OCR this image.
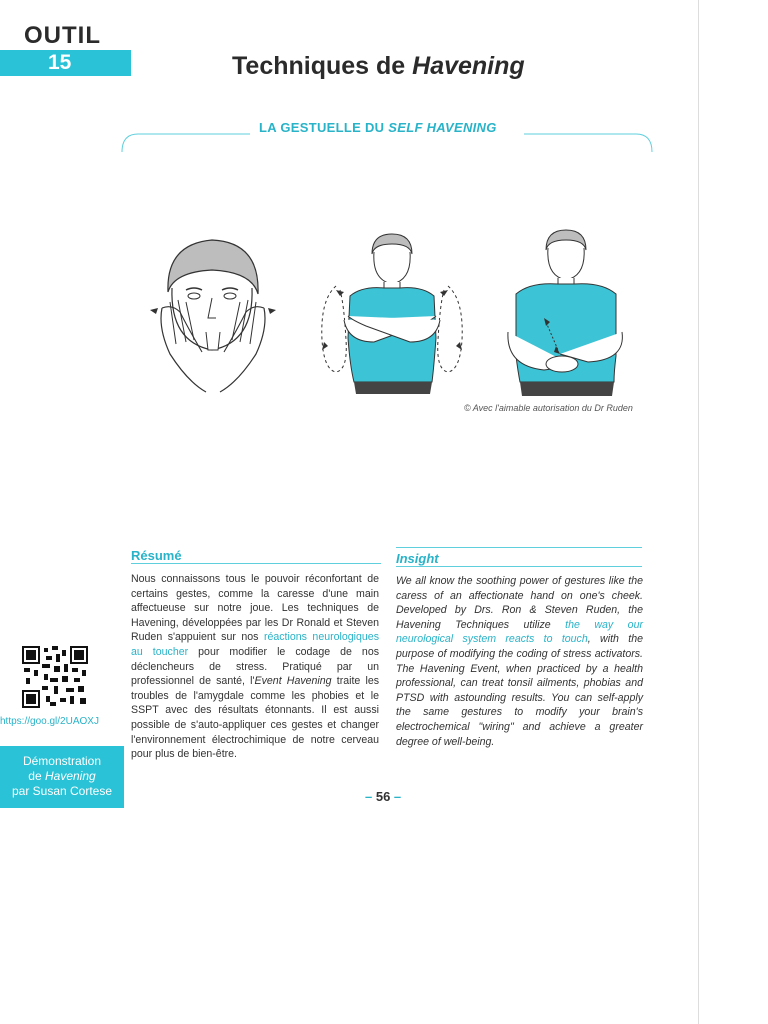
OUTIL
15	Techniques de Havening
LA GESTUELLE DU SELF HAVENING
© Avec l'aimable autorisation du Dr Ruden
Résumé
Nous connaissons tous le pouvoir réconfortant de certains gestes, comme la caresse d'une main affectueuse sur notre joue. Les techniques de Havening, développées par les Dr Ronald et Steven Ruden s'appuient sur nos réactions neurologiques au toucher pour modifier le codage de nos déclencheurs de stress. Pratiqué par un professionnel de santé, l'Event Havening traite les troubles de l'amygdale comme les phobies et le SSPT avec des résultats étonnants. Il est aussi possible de s'auto-appliquer ces gestes et changer l'environnement électrochimique de notre cerveau pour plus de bien-être.
Insight
We all know the soothing power of gestures like the caress of an affectionate hand on one's cheek. Developed by Drs. Ron & Steven Ruden, the Havening Techniques utilize the way our neurological system reacts to touch, with the purpose of modifying the coding of stress activators. The Havening Event, when practiced by a health professional, can treat tonsil ailments, phobias and PTSD with astounding results. You can self-apply the same gestures to modify your brain's electrochemical "wiring" and achieve a greater degree of well-being.
https://goo.gl/2UAOXJ
Démonstration
de Havening
par Susan Cortese	– 56 –
